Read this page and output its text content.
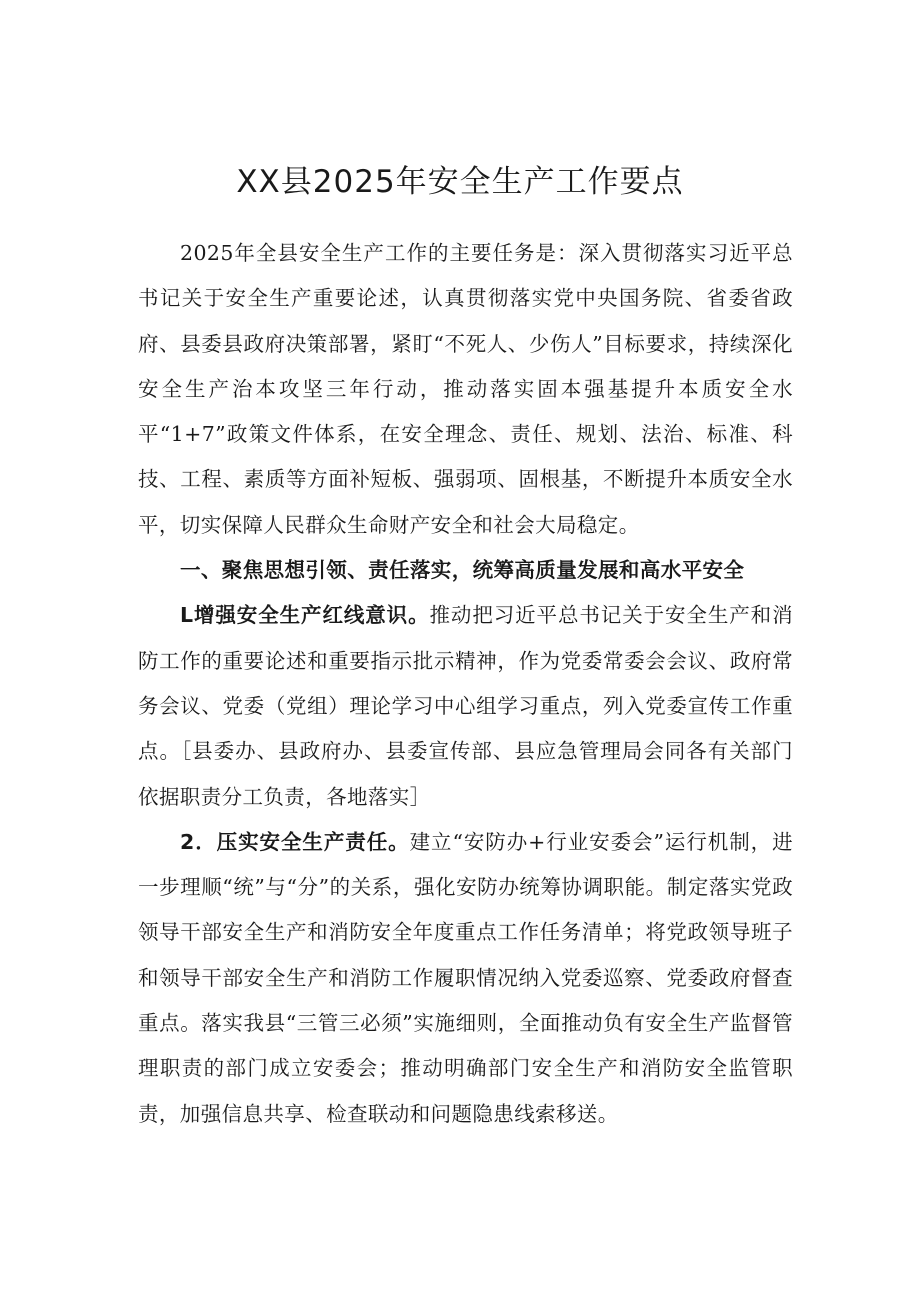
XX县2025年安全生产工作要点

2025年全县安全生产工作的主要任务是：深入贯彻落实习近平总书记关于安全生产重要论述，认真贯彻落实党中央国务院、省委省政府、县委县政府决策部署，紧盯“不死人、少伤人”目标要求，持续深化安全生产治本攻坚三年行动，推动落实固本强基提升本质安全水平“1+7”政策文件体系，在安全理念、责任、规划、法治、标准、科技、工程、素质等方面补短板、强弱项、固根基，不断提升本质安全水平，切实保障人民群众生命财产安全和社会大局稳定。

一、聚焦思想引领、责任落实，统筹高质量发展和高水平安全

L增强安全生产红线意识。推动把习近平总书记关于安全生产和消防工作的重要论述和重要指示批示精神，作为党委常委会会议、政府常务会议、党委（党组）理论学习中心组学习重点，列入党委宣传工作重点。［县委办、县政府办、县委宣传部、县应急管理局会同各有关部门依据职责分工负责，各地落实］

2．压实安全生产责任。建立“安防办+行业安委会”运行机制，进一步理顺“统”与“分”的关系，强化安防办统筹协调职能。制定落实党政领导干部安全生产和消防安全年度重点工作任务清单；将党政领导班子和领导干部安全生产和消防工作履职情况纳入党委巡察、党委政府督查重点。落实我县“三管三必须”实施细则，全面推动负有安全生产监督管理职责的部门成立安委会；推动明确部门安全生产和消防安全监管职责，加强信息共享、检查联动和问题隐患线索移送。
